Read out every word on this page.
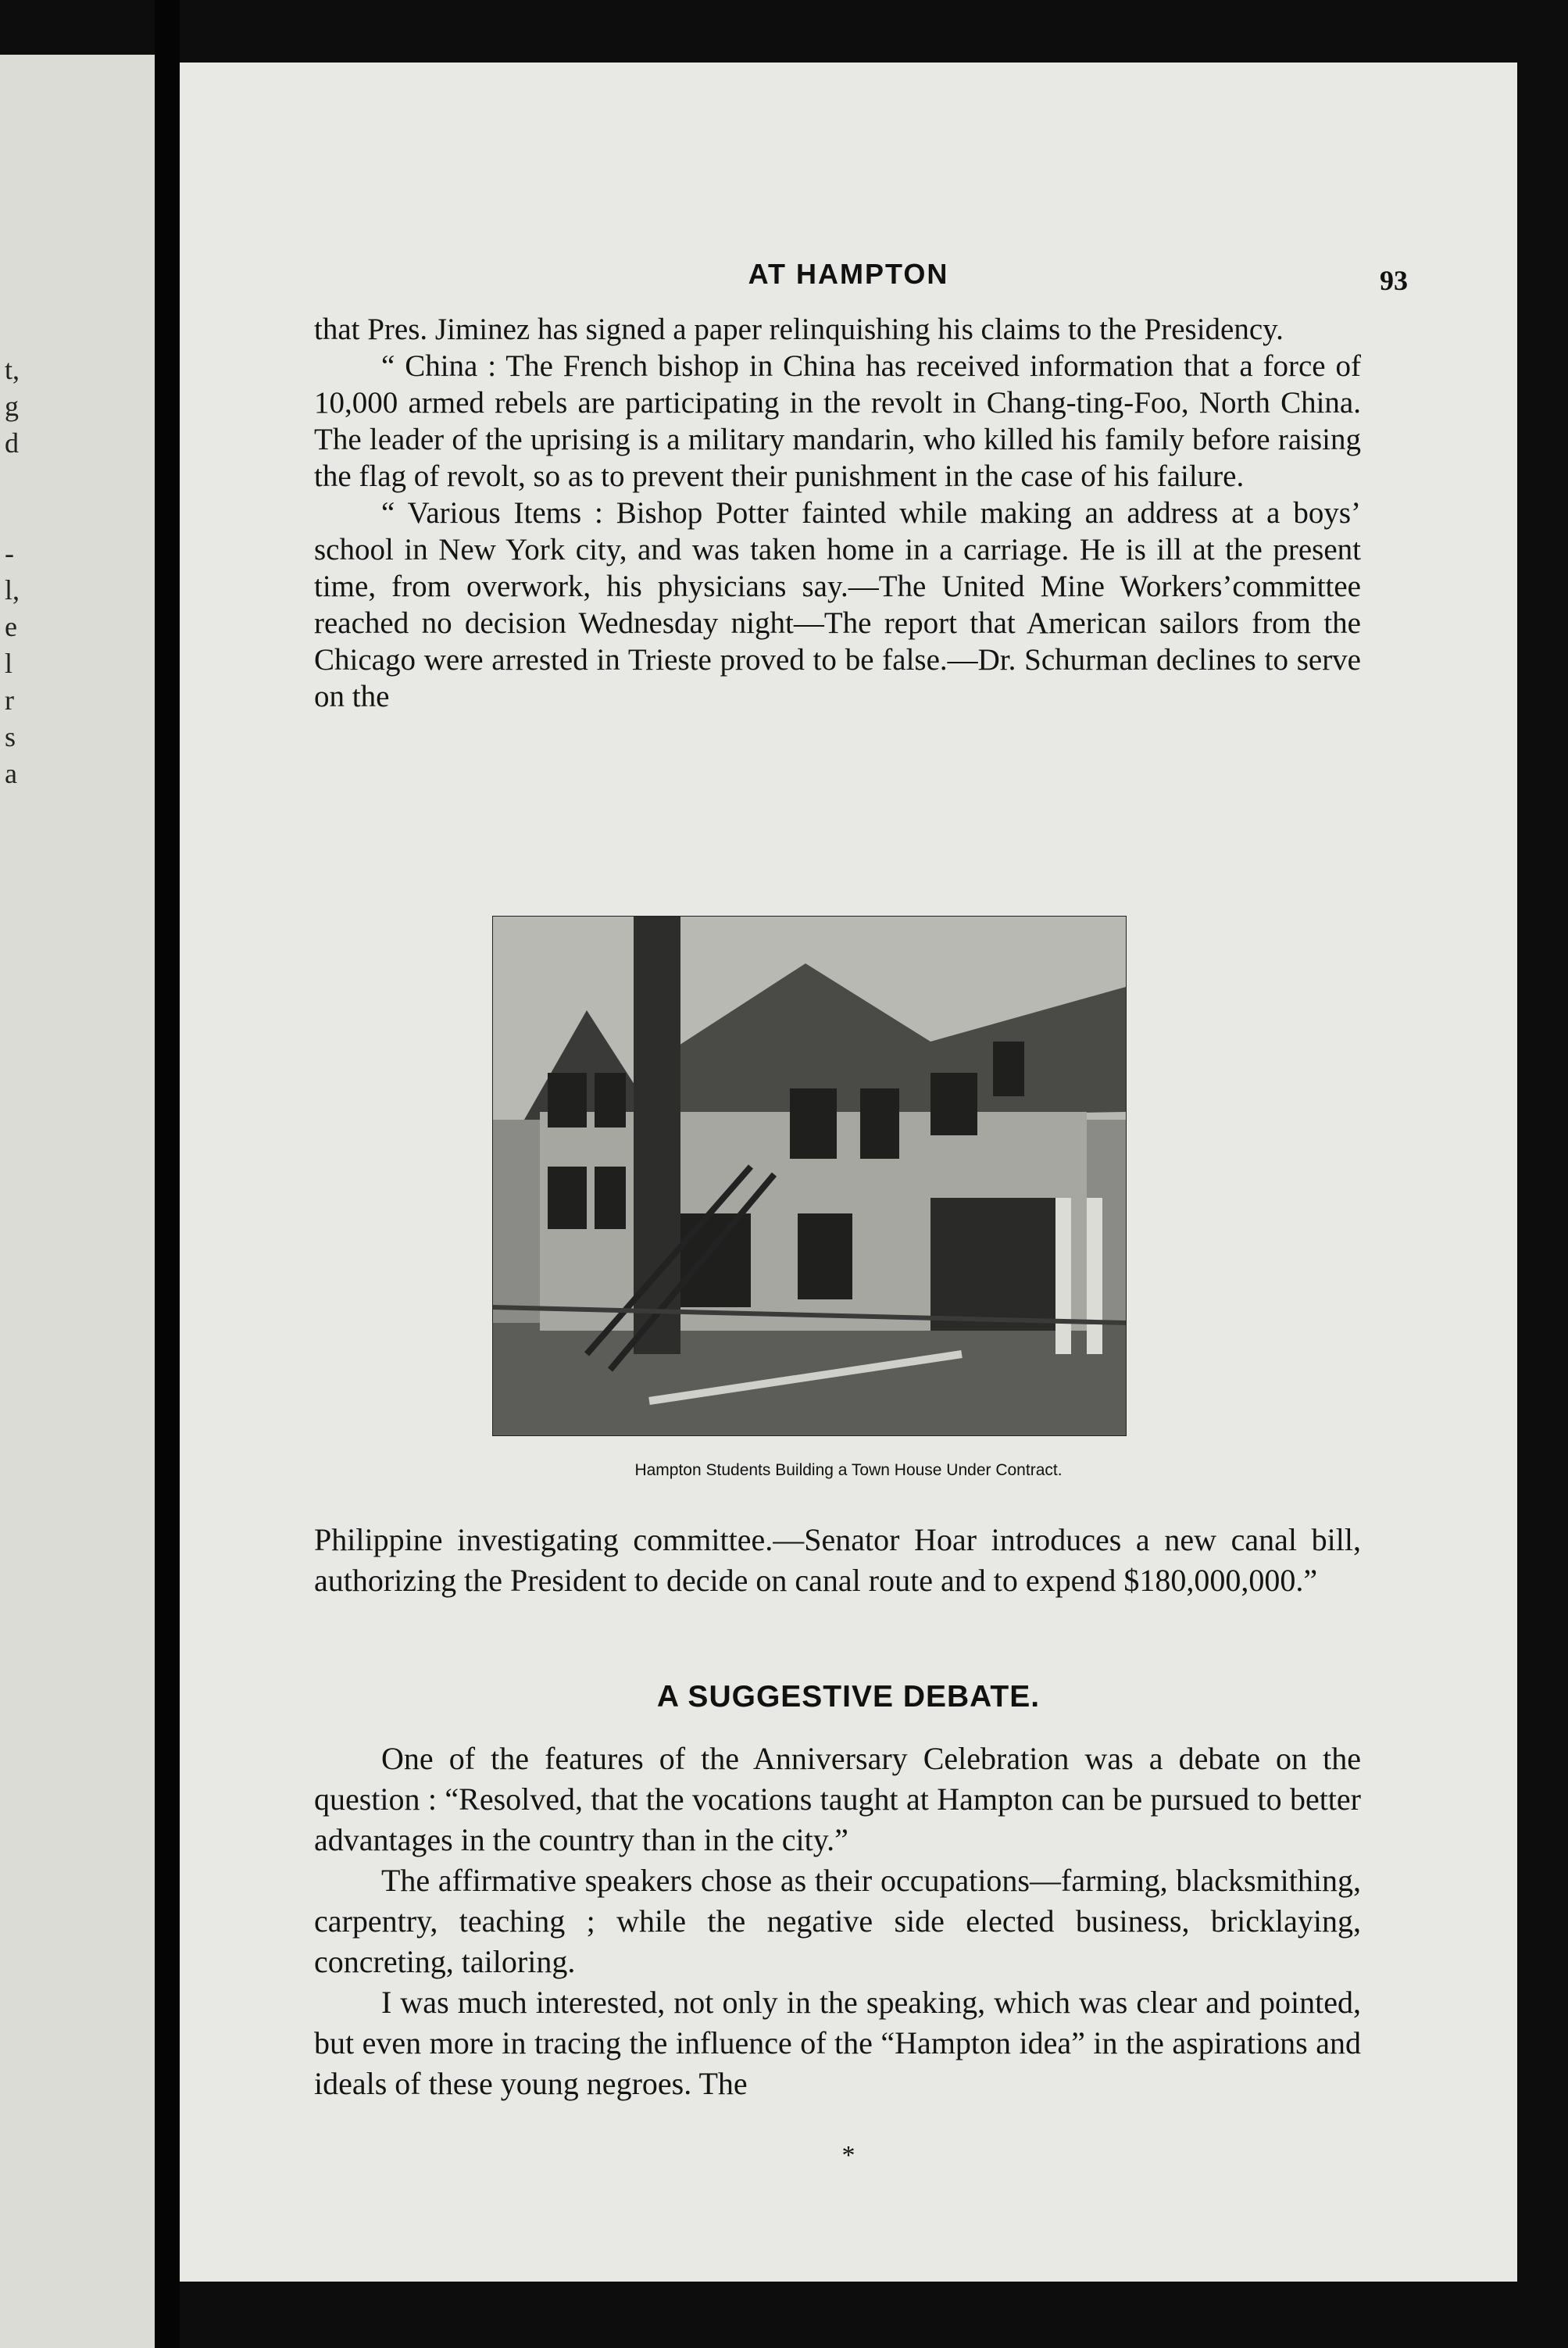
t,
g
d
-
l,
e
l
r
s
a
AT HAMPTON	93

that Pres. Jiminez has signed a paper relinquishing his claims to the Presidency.

“ China : The French bishop in China has received information that a force of 10,000 armed rebels are participating in the revolt in Chang-ting-Foo, North China. The leader of the uprising is a military mandarin, who killed his family before raising the flag of revolt, so as to prevent their punishment in the case of his failure.

“ Various Items : Bishop Potter fainted while making an address at a boys’ school in New York city, and was taken home in a carriage. He is ill at the present time, from overwork, his physicians say.—The United Mine Workers’committee reached no decision Wednesday night—The report that American sailors from the Chicago were arrested in Trieste proved to be false.—Dr. Schurman declines to serve on the

Hampton Students Building a Town House Under Contract.

Philippine investigating committee.—Senator Hoar introduces a new canal bill, authorizing the President to decide on canal route and to expend $180,000,000.”

A SUGGESTIVE DEBATE.

One of the features of the Anniversary Celebration was a debate on the question : “Resolved, that the vocations taught at Hampton can be pursued to better advantages in the country than in the city.”

The affirmative speakers chose as their occupations—farming, blacksmithing, carpentry, teaching ; while the negative side elected business, bricklaying, concreting, tailoring.

I was much interested, not only in the speaking, which was clear and pointed, but even more in tracing the influence of the “Hampton idea” in the aspirations and ideals of these young negroes. The

*
